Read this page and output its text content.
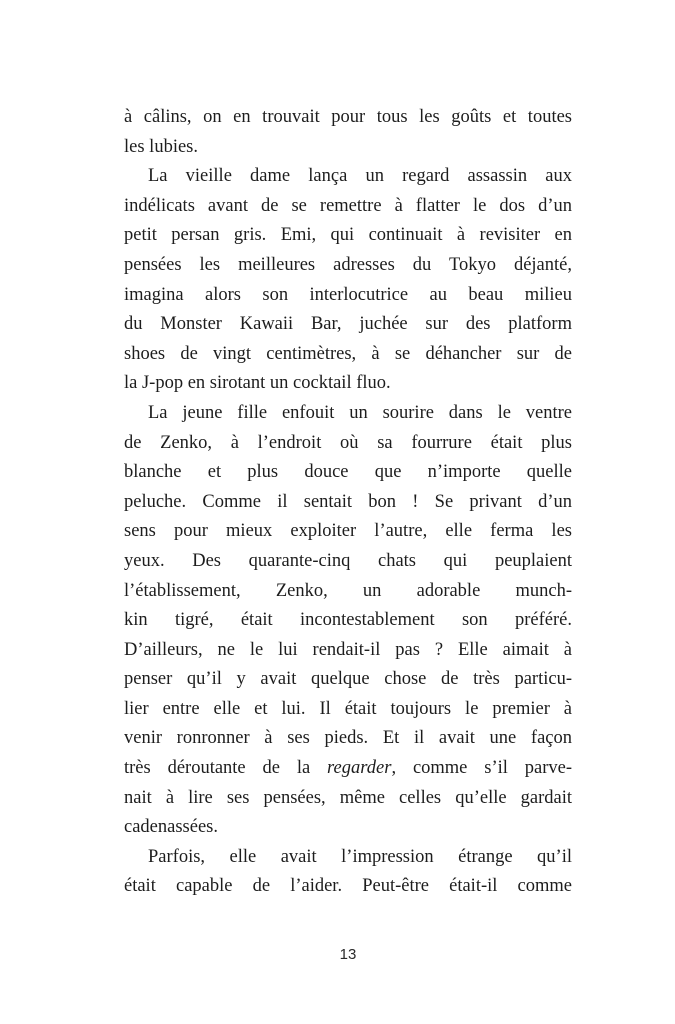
à câlins, on en trouvait pour tous les goûts et toutes
les lubies.
La vieille dame lança un regard assassin aux
indélicats avant de se remettre à flatter le dos d’un
petit persan gris. Emi, qui continuait à revisiter en
pensées les meilleures adresses du Tokyo déjanté,
imagina alors son interlocutrice au beau milieu
du Monster Kawaii Bar, juchée sur des platform
shoes de vingt centimètres, à se déhancher sur de
la J-pop en sirotant un cocktail fluo.
La jeune fille enfouit un sourire dans le ventre
de Zenko, à l’endroit où sa fourrure était plus
blanche et plus douce que n’importe quelle
peluche. Comme il sentait bon ! Se privant d’un
sens pour mieux exploiter l’autre, elle ferma les
yeux. Des quarante-cinq chats qui peuplaient
l’établissement, Zenko, un adorable munch-
kin tigré, était incontestablement son préféré.
D’ailleurs, ne le lui rendait-il pas ? Elle aimait à
penser qu’il y avait quelque chose de très particu-
lier entre elle et lui. Il était toujours le premier à
venir ronronner à ses pieds. Et il avait une façon
très déroutante de la regarder, comme s’il parve-
nait à lire ses pensées, même celles qu’elle gardait
cadenassées.
Parfois, elle avait l’impression étrange qu’il
était capable de l’aider. Peut-être était-il comme
13
